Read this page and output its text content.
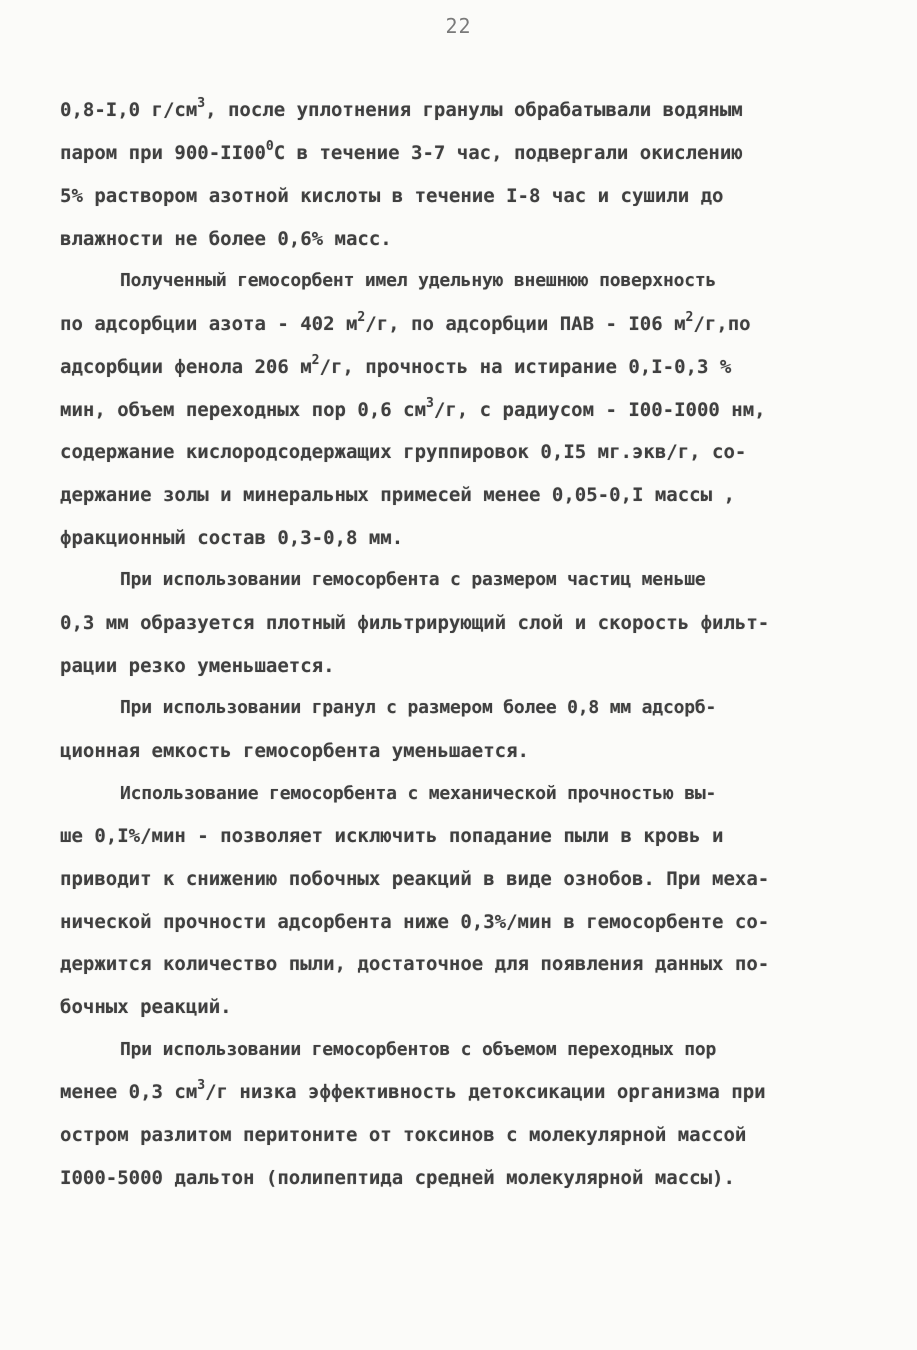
22
0,8-I,0 $г/см^3$, после уплотнения гранулы обрабатывали водяным
паром при $900-II00^0С$ в течение 3-7 час, подвергали окислению
5% раствором азотной кислоты в течение I-8 час и сушили до
влажности не более 0,6% масс.
Полученный гемосорбент имел удельную внешнюю поверхность
по адсорбции азота - 402 $м^2/г$, по адсорбции ПАВ - I06 $м^2/г,по$
адсорбции фенола 206 $м^2/г$, прочность на истирание 0,I-0,3 %
мин, объем переходных пор 0,6 $см^3/г$, с радиусом - I00-I000 нм,
содержание кислородсодержащих группировок 0,I5 мг.экв/г, со-
держание золы и минеральных примесей менее 0,05-0,I массы ,
фракционный состав 0,3-0,8 мм.
При использовании гемосорбента с размером частиц меньше
0,3 мм образуется плотный фильтрирующий слой и скорость фильт-
рации резко уменьшается.
При использовании гранул с размером более 0,8 мм адсорб-
ционная емкость гемосорбента уменьшается.
Использование гемосорбента с механической прочностью вы-
ше 0,I%/мин - позволяет исключить попадание пыли в кровь и
приводит к снижению побочных реакций в виде ознобов. При меха-
нической прочности адсорбента ниже 0,3%/мин в гемосорбенте со-
держится количество пыли, достаточное для появления данных по-
бочных реакций.
При использовании гемосорбентов с объемом переходных пор
менее 0,3 $см^3/г$ низка эффективность детоксикации организма при
остром разлитом перитоните от токсинов с молекулярной массой
I000-5000 дальтон (полипептида средней молекулярной массы).
